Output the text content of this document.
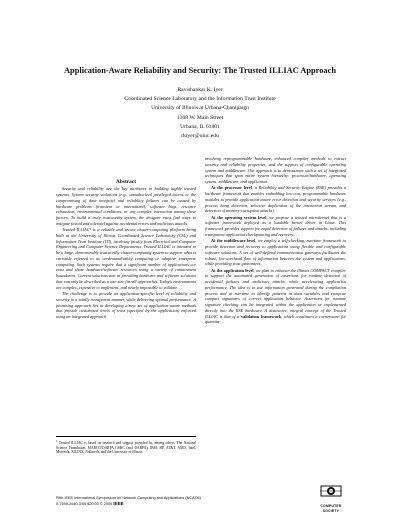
Application-Aware Reliability and Security: The Trusted ILLIAC Approach
Ravishankar K. Iyer
Coordinated Science Laboratory and the Information Trust Institute
University of Illinois at Urbana-Champaign
1308 W. Main Street
Urbana, IL 61801
rkiyer@uiuc.edu

Abstract

Security and reliability are the key attributes in building highly trusted systems. System security violations (e.g., unauthorized privileged access or the compromising of data integrity) and reliability failures can be caused by hardware problems (transient or intermittent), software bugs, resource exhaustion, environmental conditions, or any complex interaction among these factors. To build a truly trustworthy system, the designer must find ways to mitigate (avoid and tolerate) against accidental errors and malicious attacks.

Trusted ILLIAC¹ is a reliable and secure cluster-computing platform being built at the University of Illinois Coordinated Science Laboratory (CSL) and Information Trust Institute (ITI), involving faculty from Electrical and Computer Engineering and Computer Science Departments. Trusted ILLIAC is intended to be a large, demonstrably trustworthy cluster-computing system to support what is variously referred to as on-demand/utility computing or adaptive enterprise computing. Such systems require that a significant number of applications co-exist and share hardware/software resources using a variety of containment boundaries. Current solutions aim at providing hardware and software solutions that can only be described as a one-size-fits-all approaches. Today's environments are complex, expensive to implement, and nearly impossible to validate.

The challenge is to provide an application-specific level of reliability and security in a totally transparent manner, while delivering optimal performance. A promising approach lies in developing a new set of application-aware methods that provide customized levels of trust (specified by the application) enforced using an integrated approach

involving reprogrammable hardware, enhanced compiler methods to extract security and reliability properties, and the support of configurable operating system and middleware. Our approach is to demonstrate such a set of integrated techniques that span entire system hierarchy: processor/hardware, operating system, middleware, and application.

At the processor level, a Reliability and Security Engine (RSE) provides a hardware framework that enables embedding low-cost, programmable hardware modules to provide application-aware error detection and security services (e.g., process hang detection, selective duplication of the instruction stream, and detection of memory-corruption attacks).

At the operating system level, we propose a trusted microkernel that is a software framework deployed as a loadable kernel driver in Linux. This framework provides support for rapid detection of failures and attacks, including transparent application checkpointing and recovery.

At the middleware level, we employ a self-checking, run-time framework to provide detection and recovery to applications using flexible and configurable software solutions. A set of well-defined communication gateways facilitates the robust, low-overhead flow of information between the system and applications, while providing trust guarantees.

At the application level, we plan to enhance the Illinois COMPACT compiler to support the automated generation of assertions for runtime detection of accidental failures and malicious attacks, while accelerating application performance. The idea is to use information generated during the compilation process and at run-time to identify patterns in data variables and compose compact signatures of correct application behavior. Assertions for runtime signature checking can be integrated within the application or implemented directly into the RSE hardware. A distinctive, integral concept of the Trusted ILLIAC is that of a validation framework, which constitutes a cornerstone for quantita-

$^1$ Trusted ILLIAC is based on research and support provided by, among others, The National Science Foundation, MARCO/DARPA GSRC (and DARPA), IBM, HP, AT&T, AMD, Intel, Motorola, XILINX, Nallatech, and the University of Illinois.
Fifth IEEE International Symposium on Network Computing and Applications (NCA'06)
0-7695-2640-3/06 $20.00 © 2006 IEEE	COMPUTER
SOCIETY
